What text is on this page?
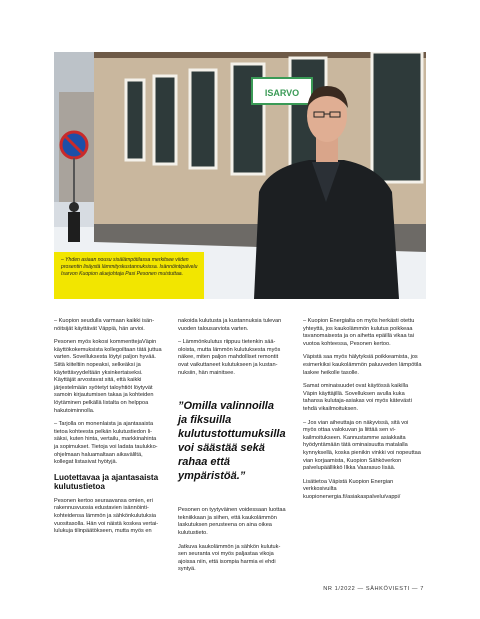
ISARVO
– Yhden asiaan nousu sisälämpötilassa merkitsee viiden prosentin lisäystä lämmityskustannuksissa. Isännöintipalvelu Isarvon Kuopion aluejohtaja Pasi Pesonen muistuttaa.

– Kuopion seudulla varmaan kaikki isännöitsijät käyttävät Väppiä, hän arvioi.

Pesonen myös kokosi kommenttejaVäpin käyttökokemuksista kollegoiltaan tätä juttua varten. Sovelluksesta löytyi paljon hyvää. Siitä kiiteltiin nopeaksi, selkeäksi ja käytettävyydeltään yksinkertaiseksi. Käyttäjät arvostavat sitä, että kaikki järjestelmään syötetyt taloyhtiöt löytyvät samoin kirjautumisen takaa ja kohteiden löytäminen pelkällä listalta on helppoa hakutoiminnolla.

– Tarjolla on monenlaista ja ajantasaista tietoa kohteesta pelkän kulutustiedon lisäksi, kuten hinta, vertailu, markkinahinta ja sopimukset. Tietoja voi ladata taulukko-ohjelmaan haluamaltaan aikaväliltä, kollegat listasivat hyötyjä.

Luotettavaa ja ajantasaista kulutustietoa

Pesonen kertoo seuraavansa omien, eri rakennusvuosia edustavien isännöintikohteidensa lämmön ja sähkönkulutuksia vuositasolla. Hän voi näistä koskea vertailulukuja tilinpäätökseen, mutta myös en

nakoida kulutusta ja kustannuksia tulevan vuoden talousarviota varten.

– Lämmönkulutus riippuu tietenkin sääoloista, mutta lämmön kulutuksesta myös näkee, miten paljon mahdolliset remontit ovat vaikuttaneet kulutukseen ja kustannuksiin, hän mainitsee.

”Omilla valinnoilla ja fiksuilla kulutustottumuksilla voi säästää sekä rahaa että ympäristöä.”

Pesonen on tyytyväinen voidessaan luottaa tekniikkaan ja siihen, että kaukolämmön laskutuksen perusteena on aina oikea kulutustieto.

Jatkuva kaukolämmön ja sähkön kulutuksen seuranta voi myös paljastaa vikoja ajoissa niin, että isompia harmia ei ehdi syntyä.

– Kuopion Energialta on myös herkästi otettu yhteyttä, jos kaukolämmön kulutus poikkeaa tavanomaisesta ja on aihetta epäillä vikaa tai vuotoa kohteessa, Pesonen kertoo.

Väpistä saa myös hälytyksiä poikkeamista, jos esimerkiksi kaukolämmön paluuveden lämpötila laskee heikolle tasolle.

Samat ominaisuudet ovat käytössä kaikilla Väpin käyttäjillä. Sovelluksen avulla kuka tahansa kulutaja-asiakas voi myös kätevästi tehdä vikailmoituksen.

– Jos vian aiheuttaja on näkyvissä, sitä voi myös ottaa valokuvan ja liittää sen vikailmoitukseen. Kannustamme asiakkaita hyödyntämään tätä ominaisuutta matalalla kynnyksellä, koska pienikin vinkki voi nopeuttaa vian korjaamista, Kuopion Sähköverkon palvelupäällikkö Ilkka Vaarasuo lisää.

Lisätietoa Väpistä Kuopion Energian verkkosivuilta

kuopionenergia.fi/asiakaspalvelu/vappi/

NR 1/2022 — SÄHKÖVIESTI — 7
